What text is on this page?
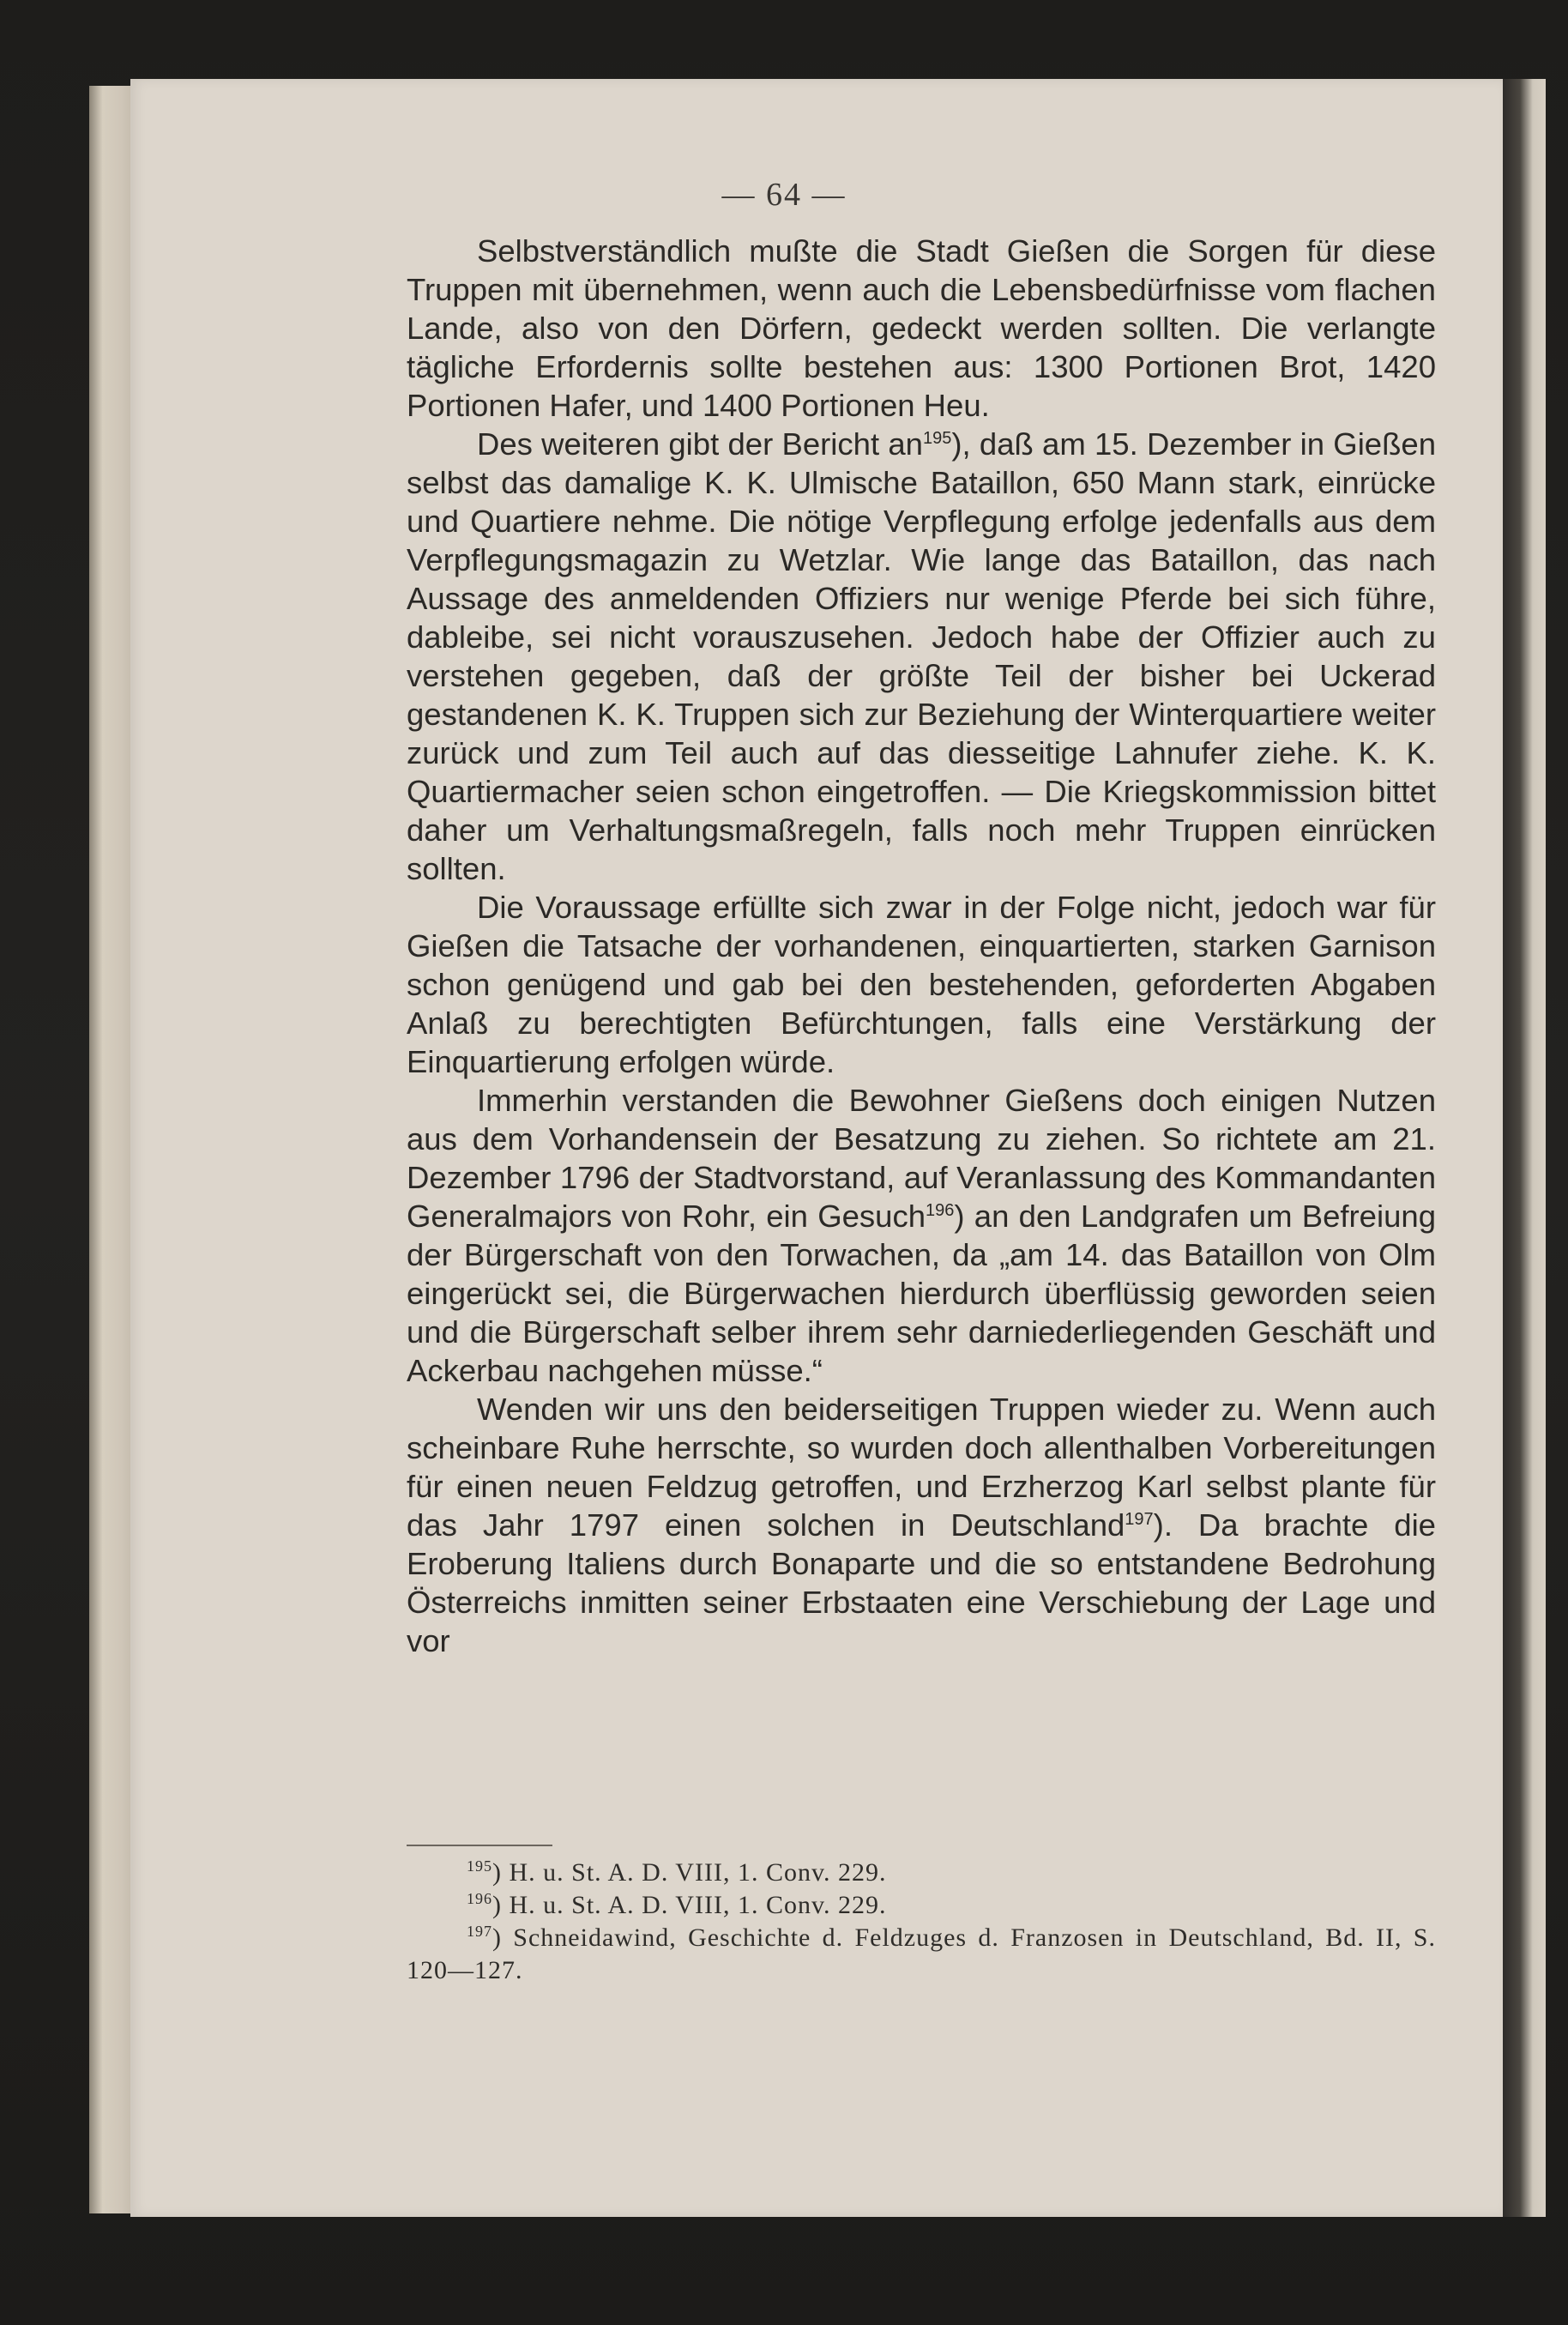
— 64 —

Selbstverständlich mußte die Stadt Gießen die Sorgen für diese Truppen mit übernehmen, wenn auch die Lebensbedürfnisse vom flachen Lande, also von den Dörfern, gedeckt werden sollten. Die verlangte tägliche Erfordernis sollte bestehen aus: 1300 Portionen Brot, 1420 Portionen Hafer, und 1400 Portionen Heu.

Des weiteren gibt der Bericht $an^{195}$), daß am 15. Dezember in Gießen selbst das damalige K. K. Ulmische Bataillon, 650 Mann stark, einrücke und Quartiere nehme. Die nötige Verpflegung erfolge jedenfalls aus dem Verpflegungsmagazin zu Wetzlar. Wie lange das Bataillon, das nach Aussage des anmeldenden Offiziers nur wenige Pferde bei sich führe, dableibe, sei nicht vorauszusehen. Jedoch habe der Offizier auch zu verstehen gegeben, daß der größte Teil der bisher bei Uckerad gestandenen K. K. Truppen sich zur Beziehung der Winterquartiere weiter zurück und zum Teil auch auf das diesseitige Lahnufer ziehe. K. K. Quartiermacher seien schon eingetroffen. — Die Kriegskommission bittet daher um Verhaltungsmaßregeln, falls noch mehr Truppen einrücken sollten.

Die Voraussage erfüllte sich zwar in der Folge nicht, jedoch war für Gießen die Tatsache der vorhandenen, einquartierten, starken Garnison schon genügend und gab bei den bestehenden, geforderten Abgaben Anlaß zu berechtigten Befürchtungen, falls eine Verstärkung der Einquartierung erfolgen würde.

Immerhin verstanden die Bewohner Gießens doch einigen Nutzen aus dem Vorhandensein der Besatzung zu ziehen. So richtete am 21. Dezember 1796 der Stadtvorstand, auf Veranlassung des Kommandanten Generalmajors von Rohr, ein Gesuch$^{196}$) an den Landgrafen um Befreiung der Bürgerschaft von den Torwachen, da „am 14. das Bataillon von Olm eingerückt sei, die Bürgerwachen hierdurch überflüssig geworden seien und die Bürgerschaft selber ihrem sehr darniederliegenden Geschäft und Ackerbau nachgehen müsse.“

Wenden wir uns den beiderseitigen Truppen wieder zu. Wenn auch scheinbare Ruhe herrschte, so wurden doch allenthalben Vorbereitungen für einen neuen Feldzug getroffen, und Erzherzog Karl selbst plante für das Jahr 1797 einen solchen in Deutschland$^{197}$). Da brachte die Eroberung Italiens durch Bonaparte und die so entstandene Bedrohung Österreichs inmitten seiner Erbstaaten eine Verschiebung der Lage und vor

$^{195}$) H. u. St. A. D. VIII, 1. Conv. 229.

$^{196}$) H. u. St. A. D. VIII, 1. Conv. 229.

$^{197}$) Schneidawind, Geschichte d. Feldzuges d. Franzosen in Deutschland, Bd. II, S. 120—127.
